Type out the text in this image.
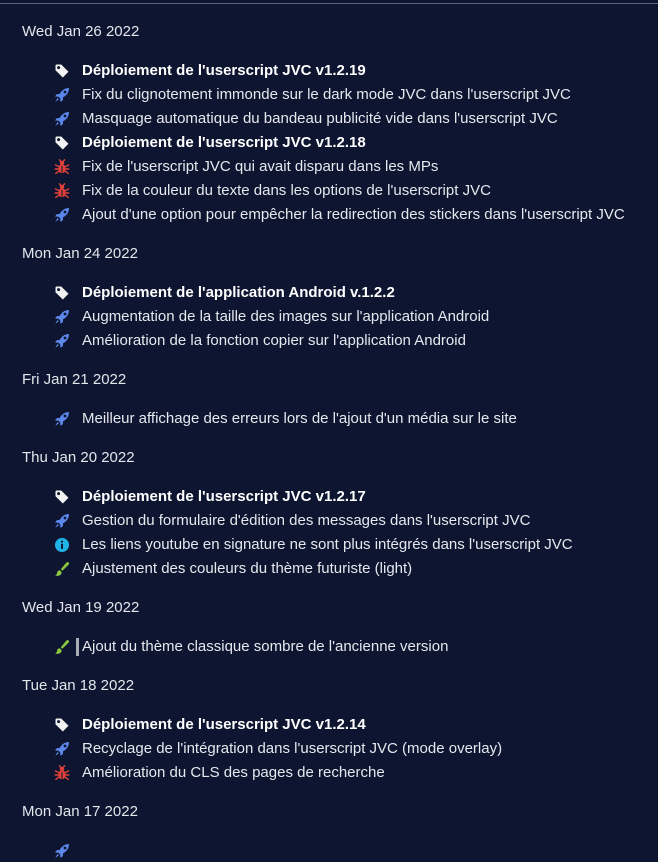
Wed Jan 26 2022
Déploiement de l'userscript JVC v1.2.19
Fix du clignotement immonde sur le dark mode JVC dans l'userscript JVC
Masquage automatique du bandeau publicité vide dans l'userscript JVC
Déploiement de l'userscript JVC v1.2.18
Fix de l'userscript JVC qui avait disparu dans les MPs
Fix de la couleur du texte dans les options de l'userscript JVC
Ajout d'une option pour empêcher la redirection des stickers dans l'userscript JVC
Mon Jan 24 2022
Déploiement de l'application Android v.1.2.2
Augmentation de la taille des images sur l'application Android
Amélioration de la fonction copier sur l'application Android
Fri Jan 21 2022
Meilleur affichage des erreurs lors de l'ajout d'un média sur le site
Thu Jan 20 2022
Déploiement de l'userscript JVC v1.2.17
Gestion du formulaire d'édition des messages dans l'userscript JVC
Les liens youtube en signature ne sont plus intégrés dans l'userscript JVC
Ajustement des couleurs du thème futuriste (light)
Wed Jan 19 2022
Ajout du thème classique sombre de l'ancienne version
Tue Jan 18 2022
Déploiement de l'userscript JVC v1.2.14
Recyclage de l'intégration dans l'userscript JVC (mode overlay)
Amélioration du CLS des pages de recherche
Mon Jan 17 2022
